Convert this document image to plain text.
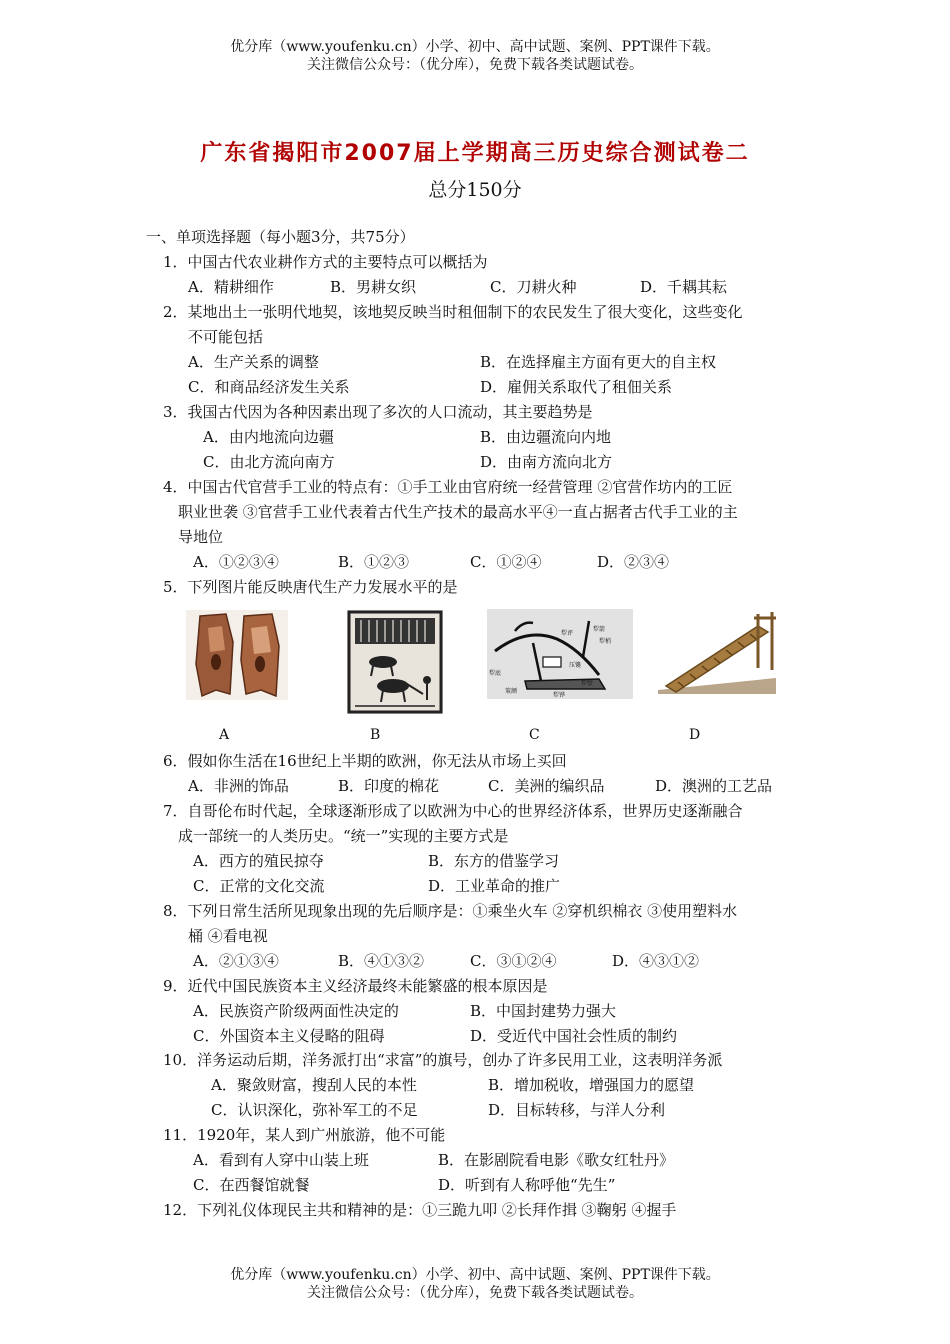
优分库（www.youfenku.cn）小学、初中、高中试题、案例、PPT课件下载。
关注微信公众号：（优分库），免费下载各类试题试卷。
广东省揭阳市2007届上学期高三历史综合测试卷二
总分150分
一、单项选择题（每小题3分，共75分）
1．中国古代农业耕作方式的主要特点可以概括为
A．精耕细作	B．男耕女织	C．刀耕火种	D．千耦其耘
2．某地出土一张明代地契，该地契反映当时租佃制下的农民发生了很大变化，这些变化
不可能包括
A．生产关系的调整	B．在选择雇主方面有更大的自主权
C．和商品经济发生关系	D．雇佣关系取代了租佃关系
3．我国古代因为各种因素出现了多次的人口流动，其主要趋势是
A．由内地流向边疆	B．由边疆流向内地
C．由北方流向南方	D．由南方流向北方
4．中国古代官营手工业的特点有：①手工业由官府统一经营管理 ②官营作坊内的工匠
职业世袭 ③官营手工业代表着古代生产技术的最高水平④一直占据者古代手工业的主
导地位
A．①②③④	B．①②③	C．①②④	D．②③④
5．下列图片能反映唐代生产力发展水平的是
犁评
犁箭
犁梢
犁底
压镵
策额
犁壁
犁铧
A	B	C	D
6．假如你生活在16世纪上半期的欧洲，你无法从市场上买回
A．非洲的饰品	B．印度的棉花	C．美洲的编织品	D．澳洲的工艺品
7．自哥伦布时代起，全球逐渐形成了以欧洲为中心的世界经济体系，世界历史逐渐融合
成一部统一的人类历史。“统一”实现的主要方式是
A．西方的殖民掠夺	B．东方的借鉴学习
C．正常的文化交流	D．工业革命的推广
8．下列日常生活所见现象出现的先后顺序是：①乘坐火车 ②穿机织棉衣 ③使用塑料水
桶 ④看电视
A．②①③④	B．④①③②	C．③①②④	D．④③①②
9．近代中国民族资本主义经济最终未能繁盛的根本原因是
A．民族资产阶级两面性决定的	B．中国封建势力强大
C．外国资本主义侵略的阻碍	D．受近代中国社会性质的制约
10．洋务运动后期，洋务派打出“求富”的旗号，创办了许多民用工业，这表明洋务派
A．聚敛财富，搜刮人民的本性	B．增加税收，增强国力的愿望
C．认识深化，弥补军工的不足	D．目标转移，与洋人分利
11．1920年，某人到广州旅游，他不可能
A．看到有人穿中山装上班	B．在影剧院看电影《歌女红牡丹》
C．在西餐馆就餐	D．听到有人称呼他“先生”
12．下列礼仪体现民主共和精神的是：①三跪九叩 ②长拜作揖 ③鞠躬 ④握手
优分库（www.youfenku.cn）小学、初中、高中试题、案例、PPT课件下载。
关注微信公众号：（优分库），免费下载各类试题试卷。
